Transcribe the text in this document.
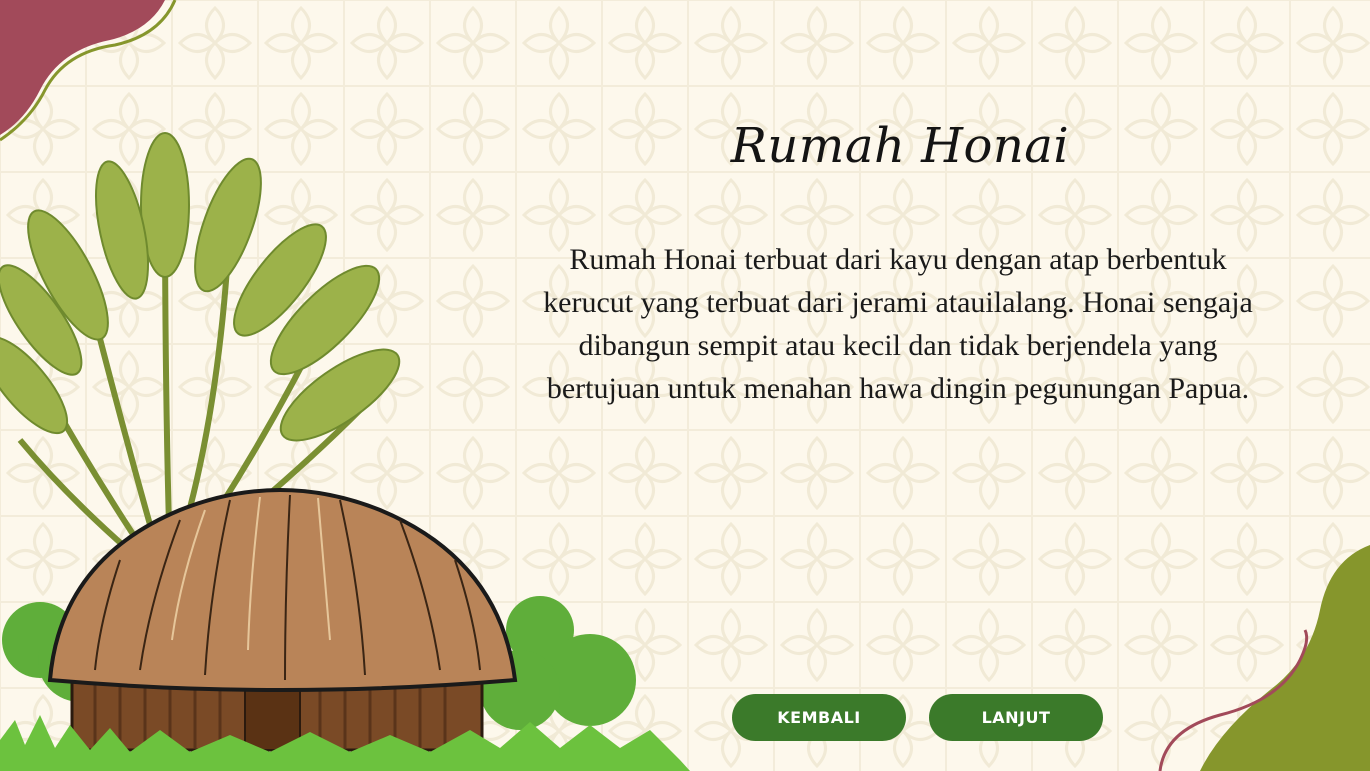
Rumah Honai
Rumah Honai terbuat dari kayu dengan atap berbentuk kerucut yang terbuat dari jerami atauilalang. Honai sengaja dibangun sempit atau kecil dan tidak berjendela yang bertujuan untuk menahan hawa dingin pegunungan Papua.
KEMBALI	LANJUT
